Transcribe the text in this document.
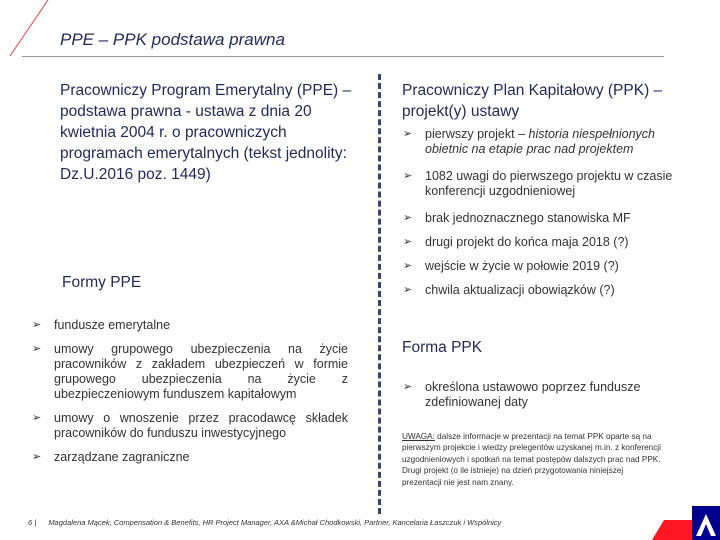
PPE – PPK podstawa prawna
Pracowniczy Program Emerytalny (PPE) – podstawa prawna - ustawa z dnia 20 kwietnia 2004 r. o pracowniczych programach emerytalnych (tekst jednolity: Dz.U.2016 poz. 1449)
Formy PPE
➢ fundusze emerytalne
➢ umowy grupowego ubezpieczenia na życie pracowników z zakładem ubezpieczeń w formie grupowego ubezpieczenia na życie z ubezpieczeniowym funduszem kapitałowym
➢ umowy o wnoszenie przez pracodawcę składek pracowników do funduszu inwestycyjnego
➢ zarządzane zagraniczne
Pracowniczy Plan Kapitałowy (PPK) – projekt(y) ustawy
➢ pierwszy projekt – historia niespełnionych obietnic na etapie prac nad projektem
➢ 1082 uwagi do pierwszego projektu w czasie konferencji uzgodnieniowej
➢ brak jednoznacznego stanowiska MF
➢ drugi projekt do końca maja 2018 (?)
➢ wejście w życie w połowie 2019 (?)
➢ chwila aktualizacji obowiązków (?)
Forma PPK
➢ określona ustawowo poprzez fundusze zdefiniowanej daty
UWAGA: dalsze informacje w prezentacji na temat PPK oparte są na pierwszym projekcie i wiedzy prelegentów uzyskanej m.in. z konferencji uzgodnieniowych i spotkań na temat postępów dalszych prac nad PPK. Drugi projekt (o ile istnieje) na dzień przygotowania niniejszej prezentacji nie jest nam znany.
6 | Magdalena Mącek, Compensation & Benefits, HR Project Manager, AXA &Michał Chodkowski, Partner, Kancelaria Łaszczuk i Wspólnicy
